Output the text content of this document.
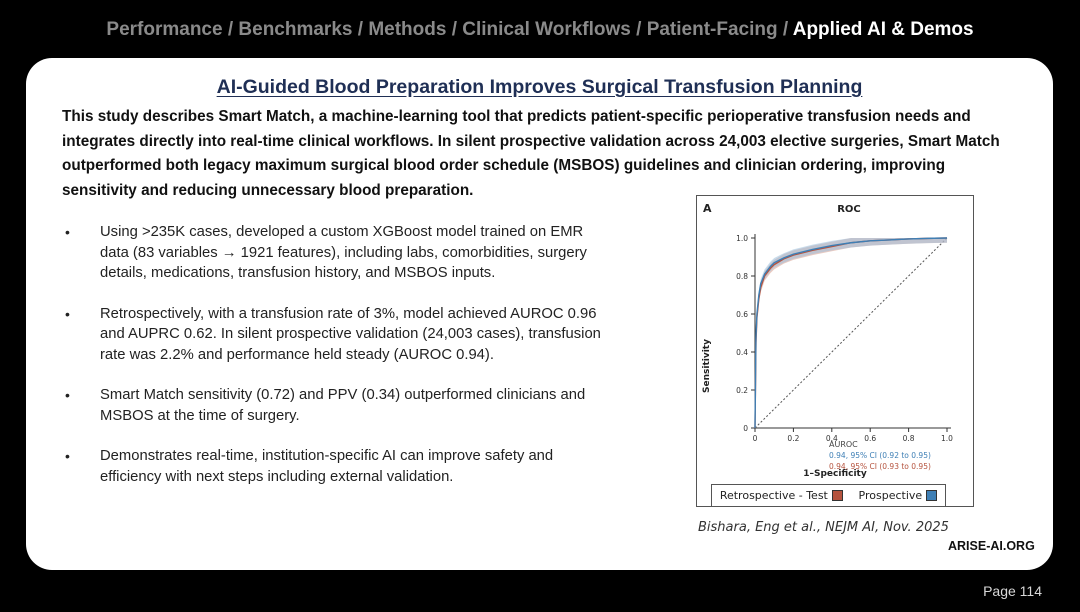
Performance / Benchmarks / Methods / Clinical Workflows / Patient-Facing / Applied AI & Demos
AI-Guided Blood Preparation Improves Surgical Transfusion Planning
This study describes Smart Match, a machine-learning tool that predicts patient-specific perioperative transfusion needs and integrates directly into real-time clinical workflows. In silent prospective validation across 24,003 elective surgeries, Smart Match outperformed both legacy maximum surgical blood order schedule (MSBOS) guidelines and clinician ordering, improving sensitivity and reducing unnecessary blood preparation.
• Using >235K cases, developed a custom XGBoost model trained on EMR data (83 variables → 1921 features), including labs, comorbidities, surgery details, medications, transfusion history, and MSBOS inputs.
• Retrospectively, with a transfusion rate of 3%, model achieved AUROC 0.96 and AUPRC 0.62. In silent prospective validation (24,003 cases), transfusion rate was 2.2% and performance held steady (AUROC 0.94).
• Smart Match sensitivity (0.72) and PPV (0.34) outperformed clinicians and MSBOS at the time of surgery.
• Demonstrates real-time, institution-specific AI can improve safety and efficiency with next steps including external validation.
A	ROC
1–Specificity
Sensitivity
0	0.2	0.4	0.6	0.8	1.0
0
0.2
0.4
0.6
0.8
1.0
AUROC
0.94, 95% CI (0.92 to 0.95)
0.94, 95% CI (0.93 to 0.95)
Retrospective - Test	Prospective
Bishara, Eng et al., NEJM AI, Nov. 2025
ARISE-AI.ORG
Page 114
